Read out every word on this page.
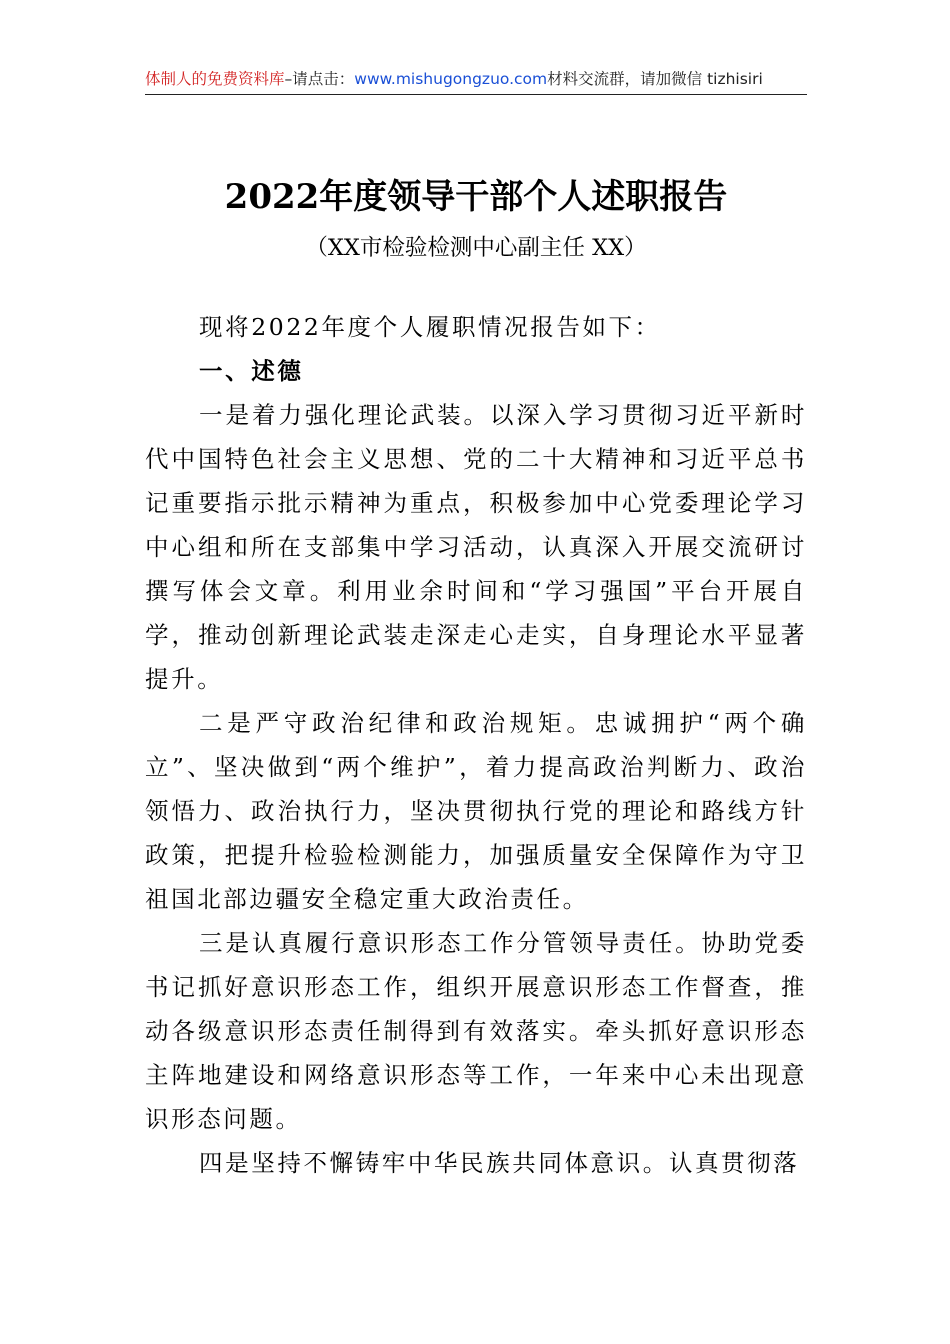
体制人的免费资料库–请点击：www.mishugongzuo.com材料交流群，请加微信 tizhisiri
2022年度领导干部个人述职报告
（XX市检验检测中心副主任 XX）

现将2022年度个人履职情况报告如下：

一、述德

一是着力强化理论武装。以深入学习贯彻习近平新时代中国特色社会主义思想、党的二十大精神和习近平总书记重要指示批示精神为重点，积极参加中心党委理论学习中心组和所在支部集中学习活动，认真深入开展交流研讨撰写体会文章。利用业余时间和“学习强国”平台开展自学，推动创新理论武装走深走心走实，自身理论水平显著提升。

二是严守政治纪律和政治规矩。忠诚拥护“两个确立”、坚决做到“两个维护”，着力提高政治判断力、政治领悟力、政治执行力，坚决贯彻执行党的理论和路线方针政策，把提升检验检测能力，加强质量安全保障作为守卫祖国北部边疆安全稳定重大政治责任。

三是认真履行意识形态工作分管领导责任。协助党委书记抓好意识形态工作，组织开展意识形态工作督查，推动各级意识形态责任制得到有效落实。牵头抓好意识形态主阵地建设和网络意识形态等工作，一年来中心未出现意识形态问题。

四是坚持不懈铸牢中华民族共同体意识。认真贯彻落
